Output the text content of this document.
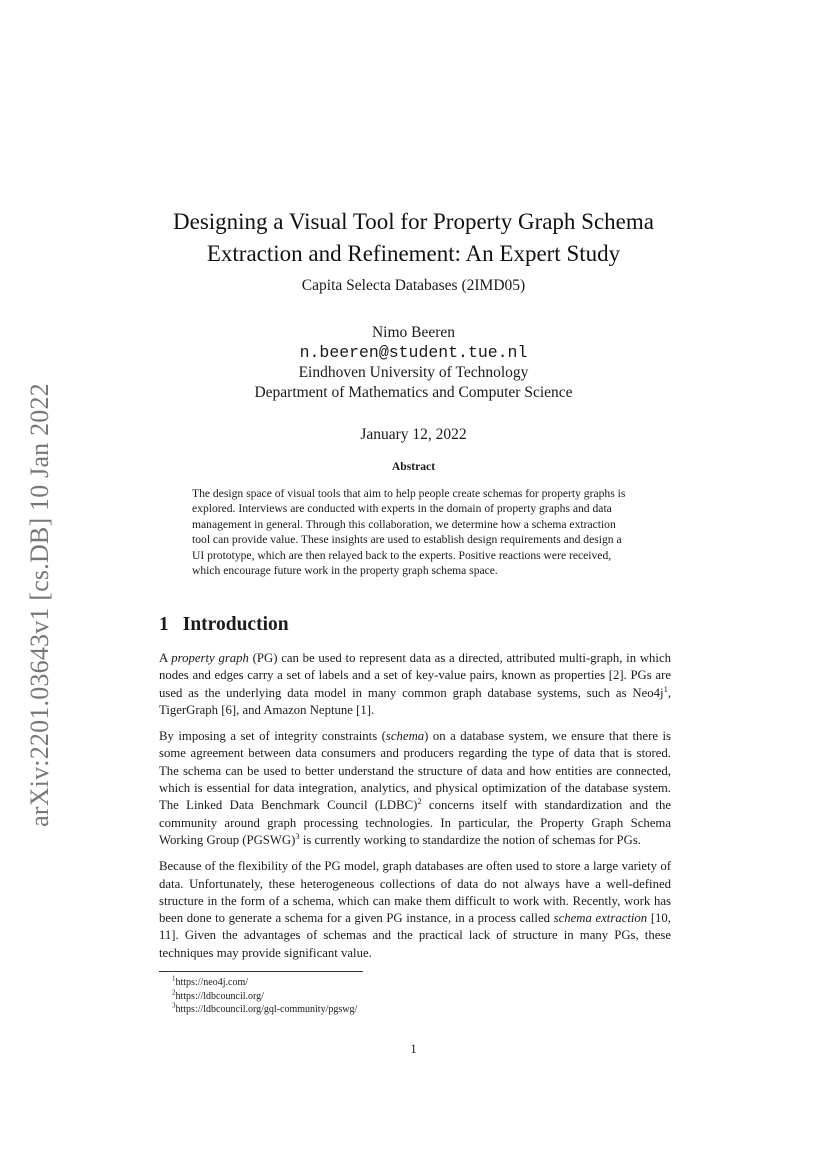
arXiv:2201.03643v1 [cs.DB] 10 Jan 2022
Designing a Visual Tool for Property Graph Schema
Extraction and Refinement: An Expert Study
Capita Selecta Databases (2IMD05)
Nimo Beeren
n.beeren@student.tue.nl
Eindhoven University of Technology
Department of Mathematics and Computer Science
January 12, 2022
Abstract

The design space of visual tools that aim to help people create schemas for property graphs is explored. Interviews are conducted with experts in the domain of property graphs and data management in general. Through this collaboration, we determine how a schema extraction tool can provide value. These insights are used to establish design requirements and design a UI prototype, which are then relayed back to the experts. Positive reactions were received, which encourage future work in the property graph schema space.

1 Introduction

A property graph (PG) can be used to represent data as a directed, attributed multi-graph, in which nodes and edges carry a set of labels and a set of key-value pairs, known as properties [2]. PGs are used as the underlying data model in many common graph database systems, such as $Neo4j^1$, TigerGraph [6], and Amazon Neptune [1].

By imposing a set of integrity constraints (schema) on a database system, we ensure that there is some agreement between data consumers and producers regarding the type of data that is stored. The schema can be used to better understand the structure of data and how entities are connected, which is essential for data integration, analytics, and physical optimization of the database system. The Linked Data Benchmark Council (LDBC)$^2$ concerns itself with standardization and the community around graph processing technologies. In particular, the Property Graph Schema Working Group (PGSWG)$^3$ is currently working to standardize the notion of schemas for PGs.

Because of the flexibility of the PG model, graph databases are often used to store a large variety of data. Unfortunately, these heterogeneous collections of data do not always have a well-defined structure in the form of a schema, which can make them difficult to work with. Recently, work has been done to generate a schema for a given PG instance, in a process called schema extraction [10, 11]. Given the advantages of schemas and the practical lack of structure in many PGs, these techniques may provide significant value.

$^1$https://neo4j.com/
$^2$https://ldbcouncil.org/
$^3$https://ldbcouncil.org/gql-community/pgswg/
1
